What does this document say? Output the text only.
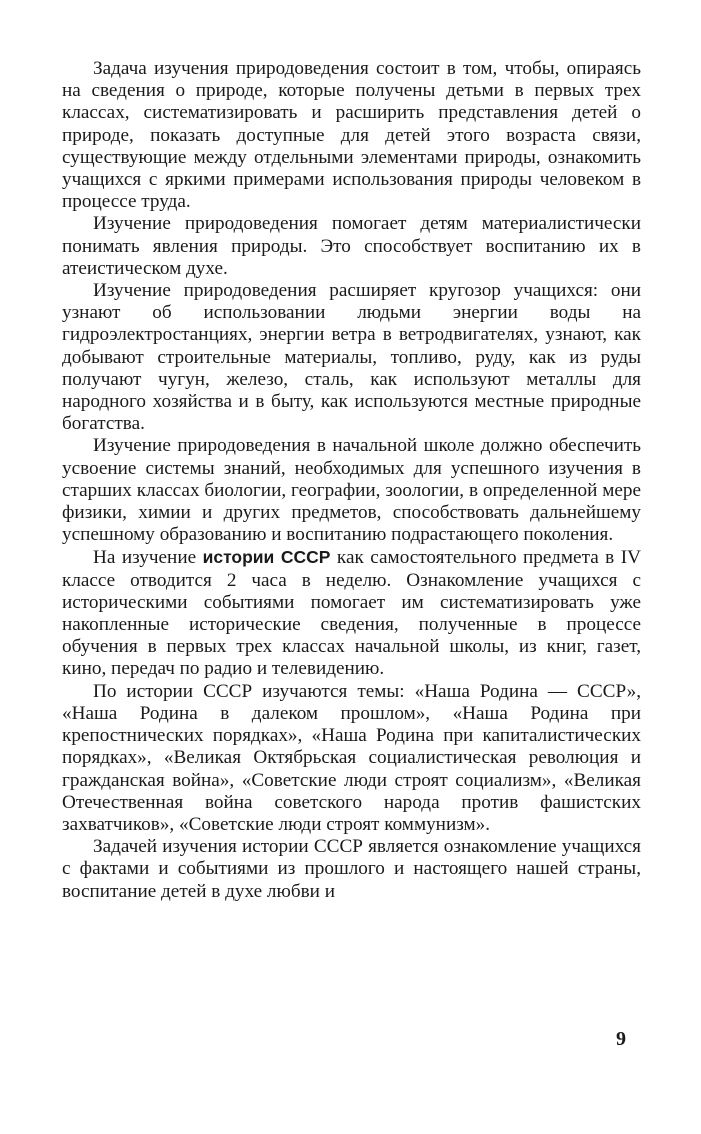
Задача изучения природоведения состоит в том, чтобы, опираясь на сведения о природе, которые получены детьми в первых трех классах, систематизировать и расширить представления детей о природе, показать доступные для детей этого возраста связи, существующие между отдельными элементами природы, ознакомить учащихся с яркими примерами использования природы человеком в процессе труда.

Изучение природоведения помогает детям материалистически понимать явления природы. Это способствует воспитанию их в атеистическом духе.

Изучение природоведения расширяет кругозор учащихся: они узнают об использовании людьми энергии воды на гидроэлектростанциях, энергии ветра в ветродвигателях, узнают, как добывают строительные материалы, топливо, руду, как из руды получают чугун, железо, сталь, как используют металлы для народного хозяйства и в быту, как используются местные природные богатства.

Изучение природоведения в начальной школе должно обеспечить усвоение системы знаний, необходимых для успешного изучения в старших классах биологии, географии, зоологии, в определенной мере физики, химии и других предметов, способствовать дальнейшему успешному образованию и воспитанию подрастающего поколения.

На изучение истории СССР как самостоятельного предмета в IV классе отводится 2 часа в неделю. Ознакомление учащихся с историческими событиями помогает им систематизировать уже накопленные исторические сведения, полученные в процессе обучения в первых трех классах начальной школы, из книг, газет, кино, передач по радио и телевидению.

По истории СССР изучаются темы: «Наша Родина — СССР», «Наша Родина в далеком прошлом», «Наша Родина при крепостнических порядках», «Наша Родина при капиталистических порядках», «Великая Октябрьская социалистическая революция и гражданская война», «Советские люди строят социализм», «Великая Отечественная война советского народа против фашистских захватчиков», «Советские люди строят коммунизм».

Задачей изучения истории СССР является ознакомление учащихся с фактами и событиями из прошлого и настоящего нашей страны, воспитание детей в духе любви и

9
